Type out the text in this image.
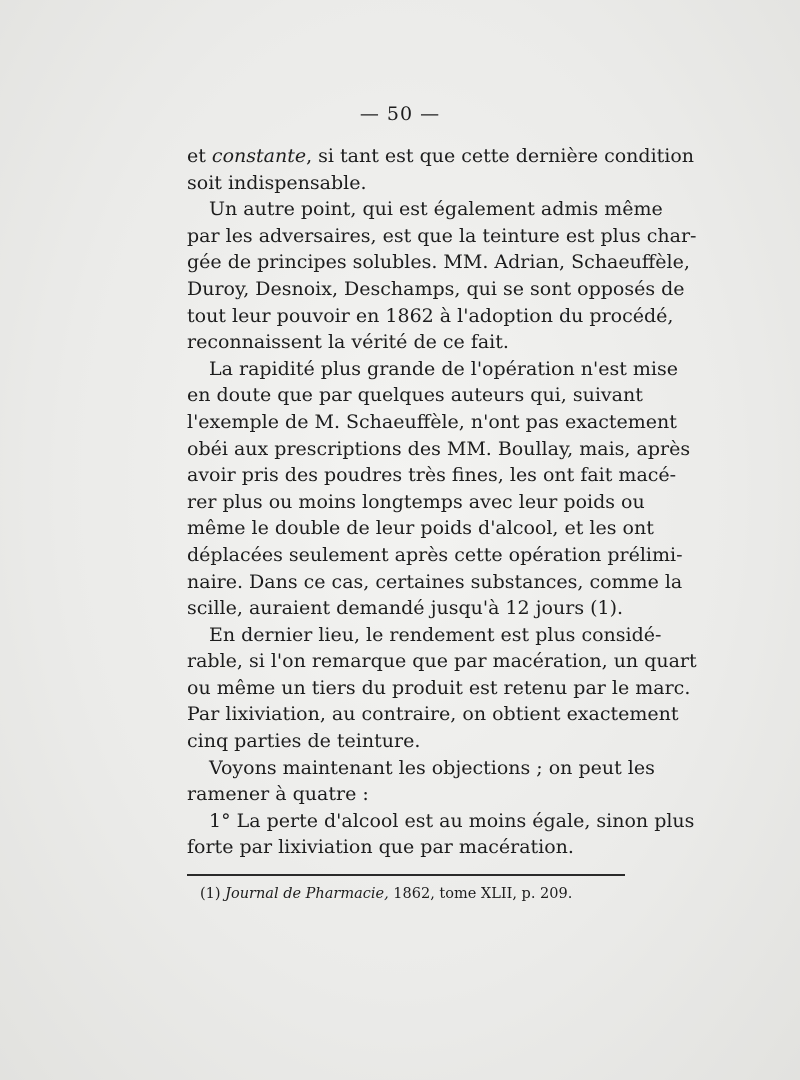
— 50 —
et constante, si tant est que cette dernière condition
soit indispensable.
Un autre point, qui est également admis même
par les adversaires, est que la teinture est plus char-
gée de principes solubles. MM. Adrian, Schaeuffèle,
Duroy, Desnoix, Deschamps, qui se sont opposés de
tout leur pouvoir en 1862 à l'adoption du procédé,
reconnaissent la vérité de ce fait.
La rapidité plus grande de l'opération n'est mise
en doute que par quelques auteurs qui, suivant
l'exemple de M. Schaeuffèle, n'ont pas exactement
obéi aux prescriptions des MM. Boullay, mais, après
avoir pris des poudres très fines, les ont fait macé-
rer plus ou moins longtemps avec leur poids ou
même le double de leur poids d'alcool, et les ont
déplacées seulement après cette opération prélimi-
naire. Dans ce cas, certaines substances, comme la
scille, auraient demandé jusqu'à 12 jours (1).
En dernier lieu, le rendement est plus considé-
rable, si l'on remarque que par macération, un quart
ou même un tiers du produit est retenu par le marc.
Par lixiviation, au contraire, on obtient exactement
cinq parties de teinture.
Voyons maintenant les objections ; on peut les
ramener à quatre :
1° La perte d'alcool est au moins égale, sinon plus
forte par lixiviation que par macération.
(1) Journal de Pharmacie, 1862, tome XLII, p. 209.
